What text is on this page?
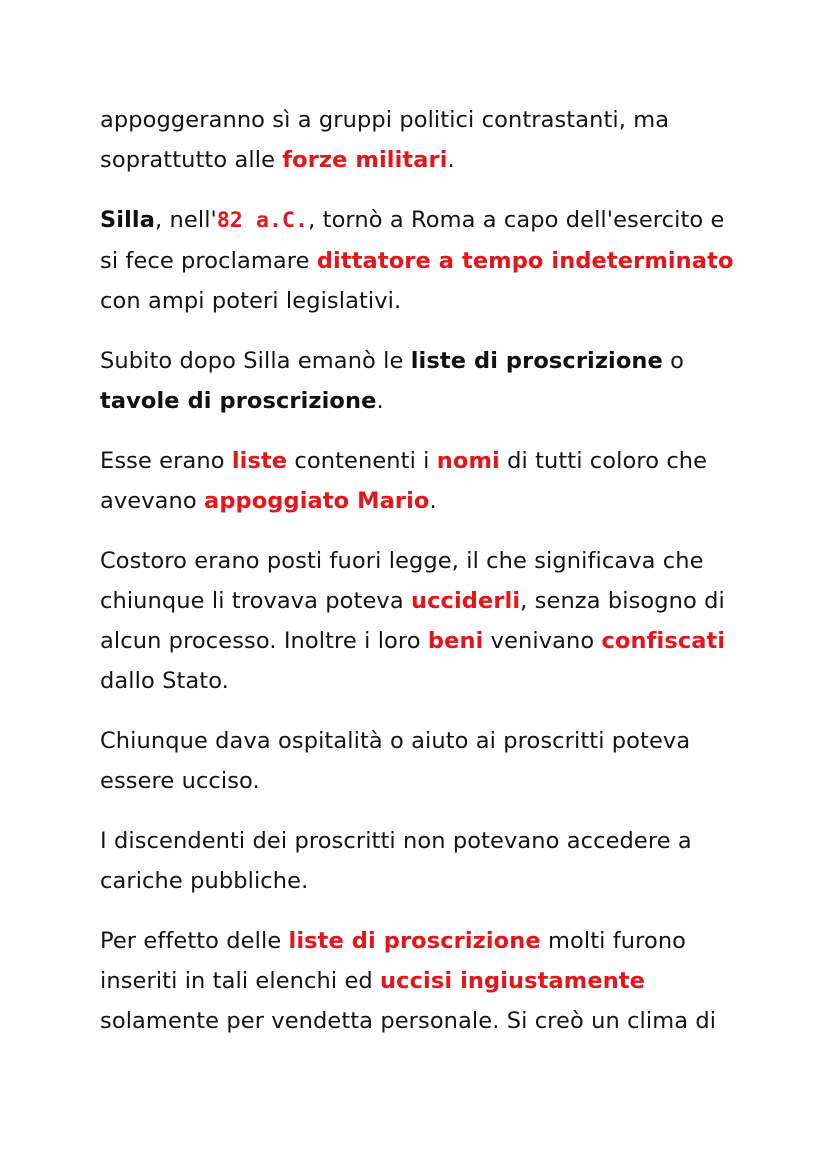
appoggeranno sì a gruppi politici contrastanti, ma soprattutto alle forze militari.

Silla, nell'82 a.C., tornò a Roma a capo dell'esercito e si fece proclamare dittatore a tempo indeterminato con ampi poteri legislativi.

Subito dopo Silla emanò le liste di proscrizione o tavole di proscrizione.

Esse erano liste contenenti i nomi di tutti coloro che avevano appoggiato Mario.

Costoro erano posti fuori legge, il che significava che chiunque li trovava poteva ucciderli, senza bisogno di alcun processo. Inoltre i loro beni venivano confiscati dallo Stato.

Chiunque dava ospitalità o aiuto ai proscritti poteva essere ucciso.

I discendenti dei proscritti non potevano accedere a cariche pubbliche.

Per effetto delle liste di proscrizione molti furono inseriti in tali elenchi ed uccisi ingiustamente solamente per vendetta personale. Si creò un clima di
